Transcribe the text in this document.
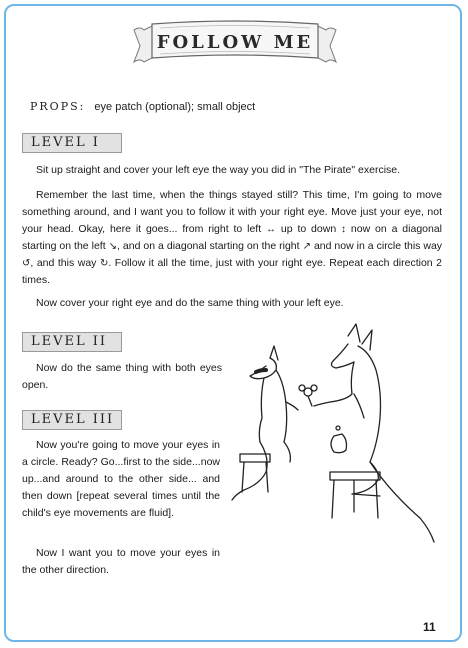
FOLLOW ME
PROPS: eye patch (optional); small object
LEVEL I
Sit up straight and cover your left eye the way you did in "The Pirate" exercise.
Remember the last time, when the things stayed still? This time, I'm going to move something around, and I want you to follow it with your right eye. Move just your eye, not your head. Okay, here it goes... from right to left ↔ up to down ↕ now on a diagonal starting on the left ↘, and on a diagonal starting on the right ↗ and now in a circle this way ↺, and this way ↻. Follow it all the time, just with your right eye. Repeat each direction 2 times.
Now cover your right eye and do the same thing with your left eye.
LEVEL II
Now do the same thing with both eyes open.
LEVEL III
Now you're going to move your eyes in a circle. Ready? Go...first to the side...now up...and around to the other side... and then down [repeat several times until the child's eye movements are fluid].
Now I want you to move your eyes in the other direction.
11
